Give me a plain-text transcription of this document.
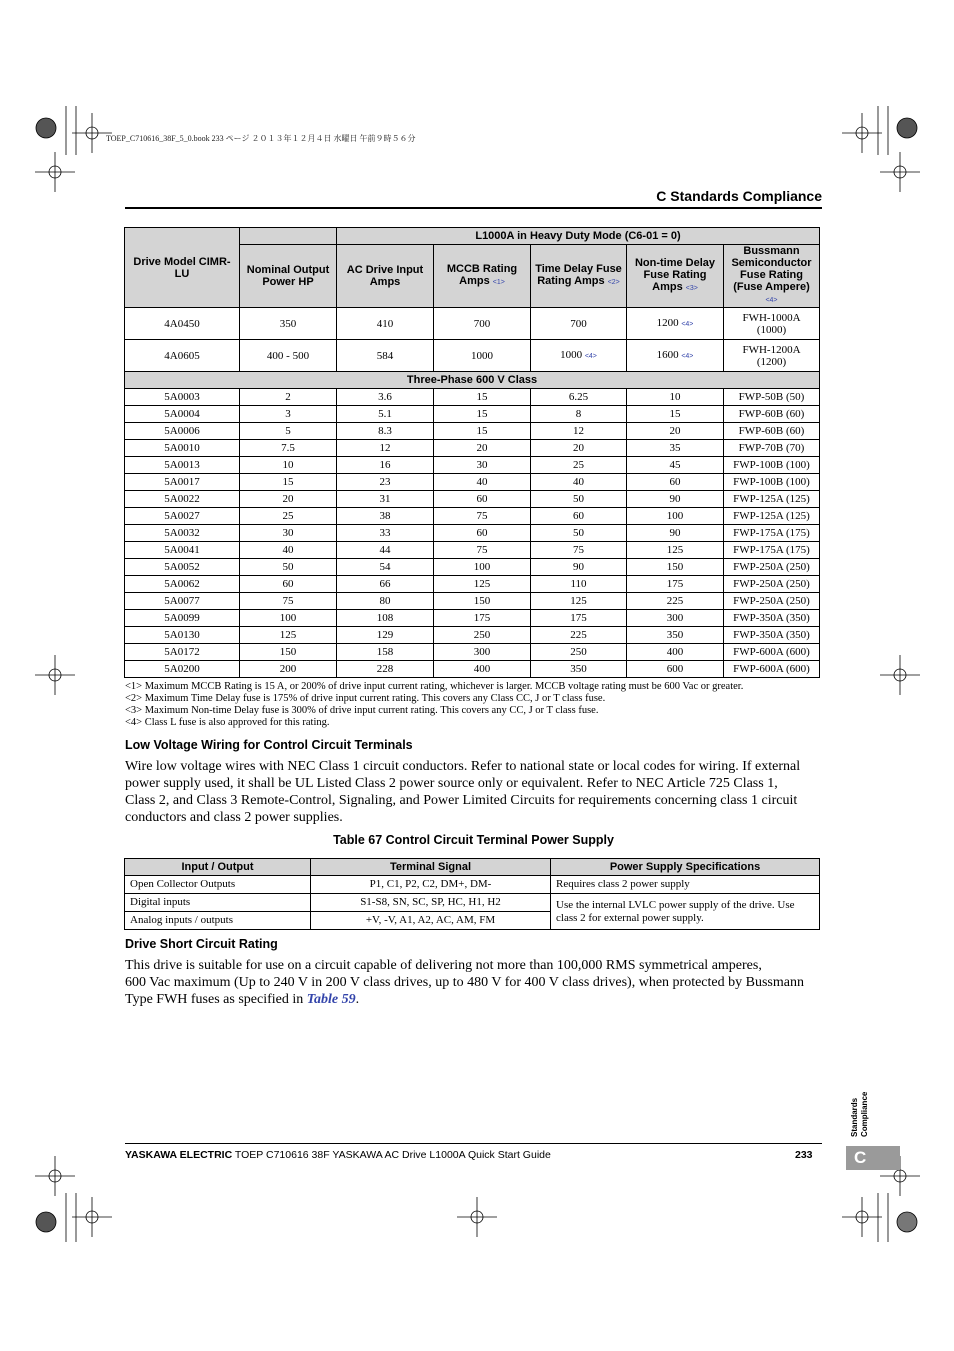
TOEP_C710616_38F_5_0.book 233 ページ ２０１３年１２月４日 水曜日 午前９時５６分
C Standards Compliance
Drive Model CIMR-LU		L1000A in Heavy Duty Mode (C6-01 = 0)				
	Nominal Output Power HP	AC Drive Input Amps	MCCB Rating Amps <1>	Time Delay Fuse Rating Amps <2>	Non-time Delay Fuse Rating Amps <3>	Bussmann Semiconductor Fuse Rating (Fuse Ampere) <4>
4A0450	350	410	700	700	1200 <4>	FWH-1000A
(1000)

4A0605	400 - 500	584	1000	1000 <4>	1600 <4>	FWH-1200A
(1200)

Three-Phase 600 V Class						
5A0003	2	3.6	15	6.25	10	FWP-50B (50)
5A0004	3	5.1	15	8	15	FWP-60B (60)
5A0006	5	8.3	15	12	20	FWP-60B (60)
5A0010	7.5	12	20	20	35	FWP-70B (70)
5A0013	10	16	30	25	45	FWP-100B (100)
5A0017	15	23	40	40	60	FWP-100B (100)
5A0022	20	31	60	50	90	FWP-125A (125)
5A0027	25	38	75	60	100	FWP-125A (125)
5A0032	30	33	60	50	90	FWP-175A (175)
5A0041	40	44	75	75	125	FWP-175A (175)
5A0052	50	54	100	90	150	FWP-250A (250)
5A0062	60	66	125	110	175	FWP-250A (250)
5A0077	75	80	150	125	225	FWP-250A (250)
5A0099	100	108	175	175	300	FWP-350A (350)
5A0130	125	129	250	225	350	FWP-350A (350)
5A0172	150	158	300	250	400	FWP-600A (600)
5A0200	200	228	400	350	600	FWP-600A (600)
<1> Maximum MCCB Rating is 15 A, or 200% of drive input current rating, whichever is larger. MCCB voltage rating must be 600 Vac or greater.
<2> Maximum Time Delay fuse is 175% of drive input current rating. This covers any Class CC, J or T class fuse.
<3> Maximum Non-time Delay fuse is 300% of drive input current rating. This covers any CC, J or T class fuse.
<4> Class L fuse is also approved for this rating.
Low Voltage Wiring for Control Circuit Terminals
Wire low voltage wires with NEC Class 1 circuit conductors. Refer to national state or local codes for wiring. If external
power supply used, it shall be UL Listed Class 2 power source only or equivalent. Refer to NEC Article 725 Class 1,
Class 2, and Class 3 Remote-Control, Signaling, and Power Limited Circuits for requirements concerning class 1 circuit
conductors and class 2 power supplies.
Table 67 Control Circuit Terminal Power Supply
Input / Output	Terminal Signal	Power Supply Specifications
Open Collector Outputs	P1, C1, P2, C2, DM+, DM-	Requires class 2 power supply
Digital inputs	S1-S8, SN, SC, SP, HC, H1, H2	Use the internal LVLC power supply of the drive. Use class 2 for external power supply.
Analog inputs / outputs	+V, -V, A1, A2, AC, AM, FM	
Drive Short Circuit Rating
This drive is suitable for use on a circuit capable of delivering not more than 100,000 RMS symmetrical amperes,
600 Vac maximum (Up to 240 V in 200 V class drives, up to 480 V for 400 V class drives), when protected by Bussmann
Type FWH fuses as specified in Table 59.
Standards Compliance
C
YASKAWA ELECTRIC TOEP C710616 38F YASKAWA AC Drive L1000A Quick Start Guide	233
